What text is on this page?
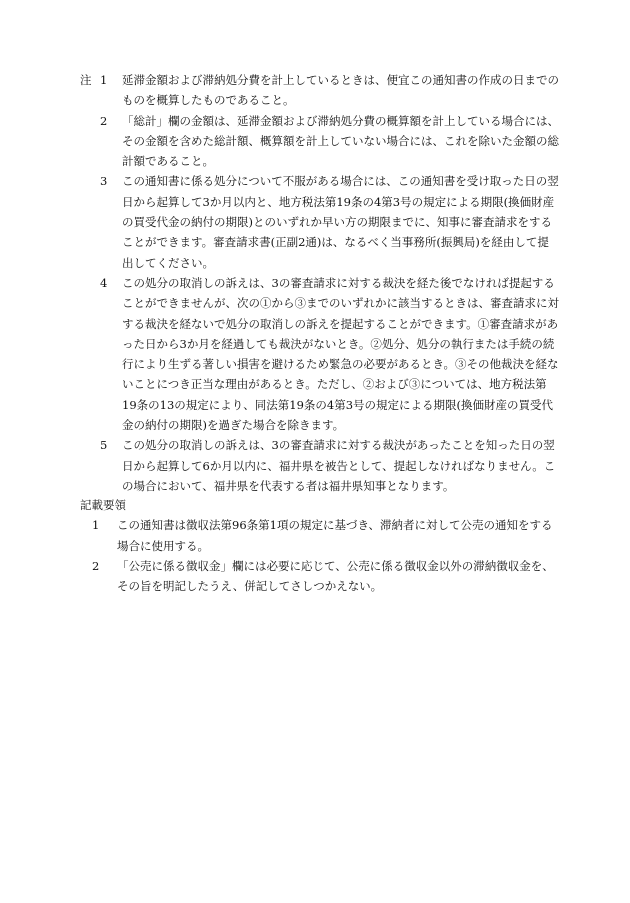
注 1	延滞金額および滞納処分費を計上しているときは、便宜この通知書の作成の日までのものを概算したものであること。
2	「総計」欄の金額は、延滞金額および滞納処分費の概算額を計上している場合には、その金額を含めた総計額、概算額を計上していない場合には、これを除いた金額の総計額であること。
3	この通知書に係る処分について不服がある場合には、この通知書を受け取った日の翌日から起算して3か月以内と、地方税法第19条の4第3号の規定による期限(換価財産の買受代金の納付の期限)とのいずれか早い方の期限までに、知事に審査請求をすることができます。審査請求書(正副2通)は、なるべく当事務所(振興局)を経由して提出してください。
4	この処分の取消しの訴えは、3の審査請求に対する裁決を経た後でなければ提起することができませんが、次の①から③までのいずれかに該当するときは、審査請求に対する裁決を経ないで処分の取消しの訴えを提起することができます。①審査請求があった日から3か月を経過しても裁決がないとき。②処分、処分の執行または手続の続行により生ずる著しい損害を避けるため緊急の必要があるとき。③その他裁決を経ないことにつき正当な理由があるとき。ただし、②および③については、地方税法第19条の13の規定により、同法第19条の4第3号の規定による期限(換価財産の買受代金の納付の期限)を過ぎた場合を除きます。
5	この処分の取消しの訴えは、3の審査請求に対する裁決があったことを知った日の翌日から起算して6か月以内に、福井県を被告として、提起しなければなりません。この場合において、福井県を代表する者は福井県知事となります。
記載要領
1	この通知書は徴収法第96条第1項の規定に基づき、滞納者に対して公売の通知をする場合に使用する。
2	「公売に係る徴収金」欄には必要に応じて、公売に係る徴収金以外の滞納徴収金を、その旨を明記したうえ、併記してさしつかえない。
